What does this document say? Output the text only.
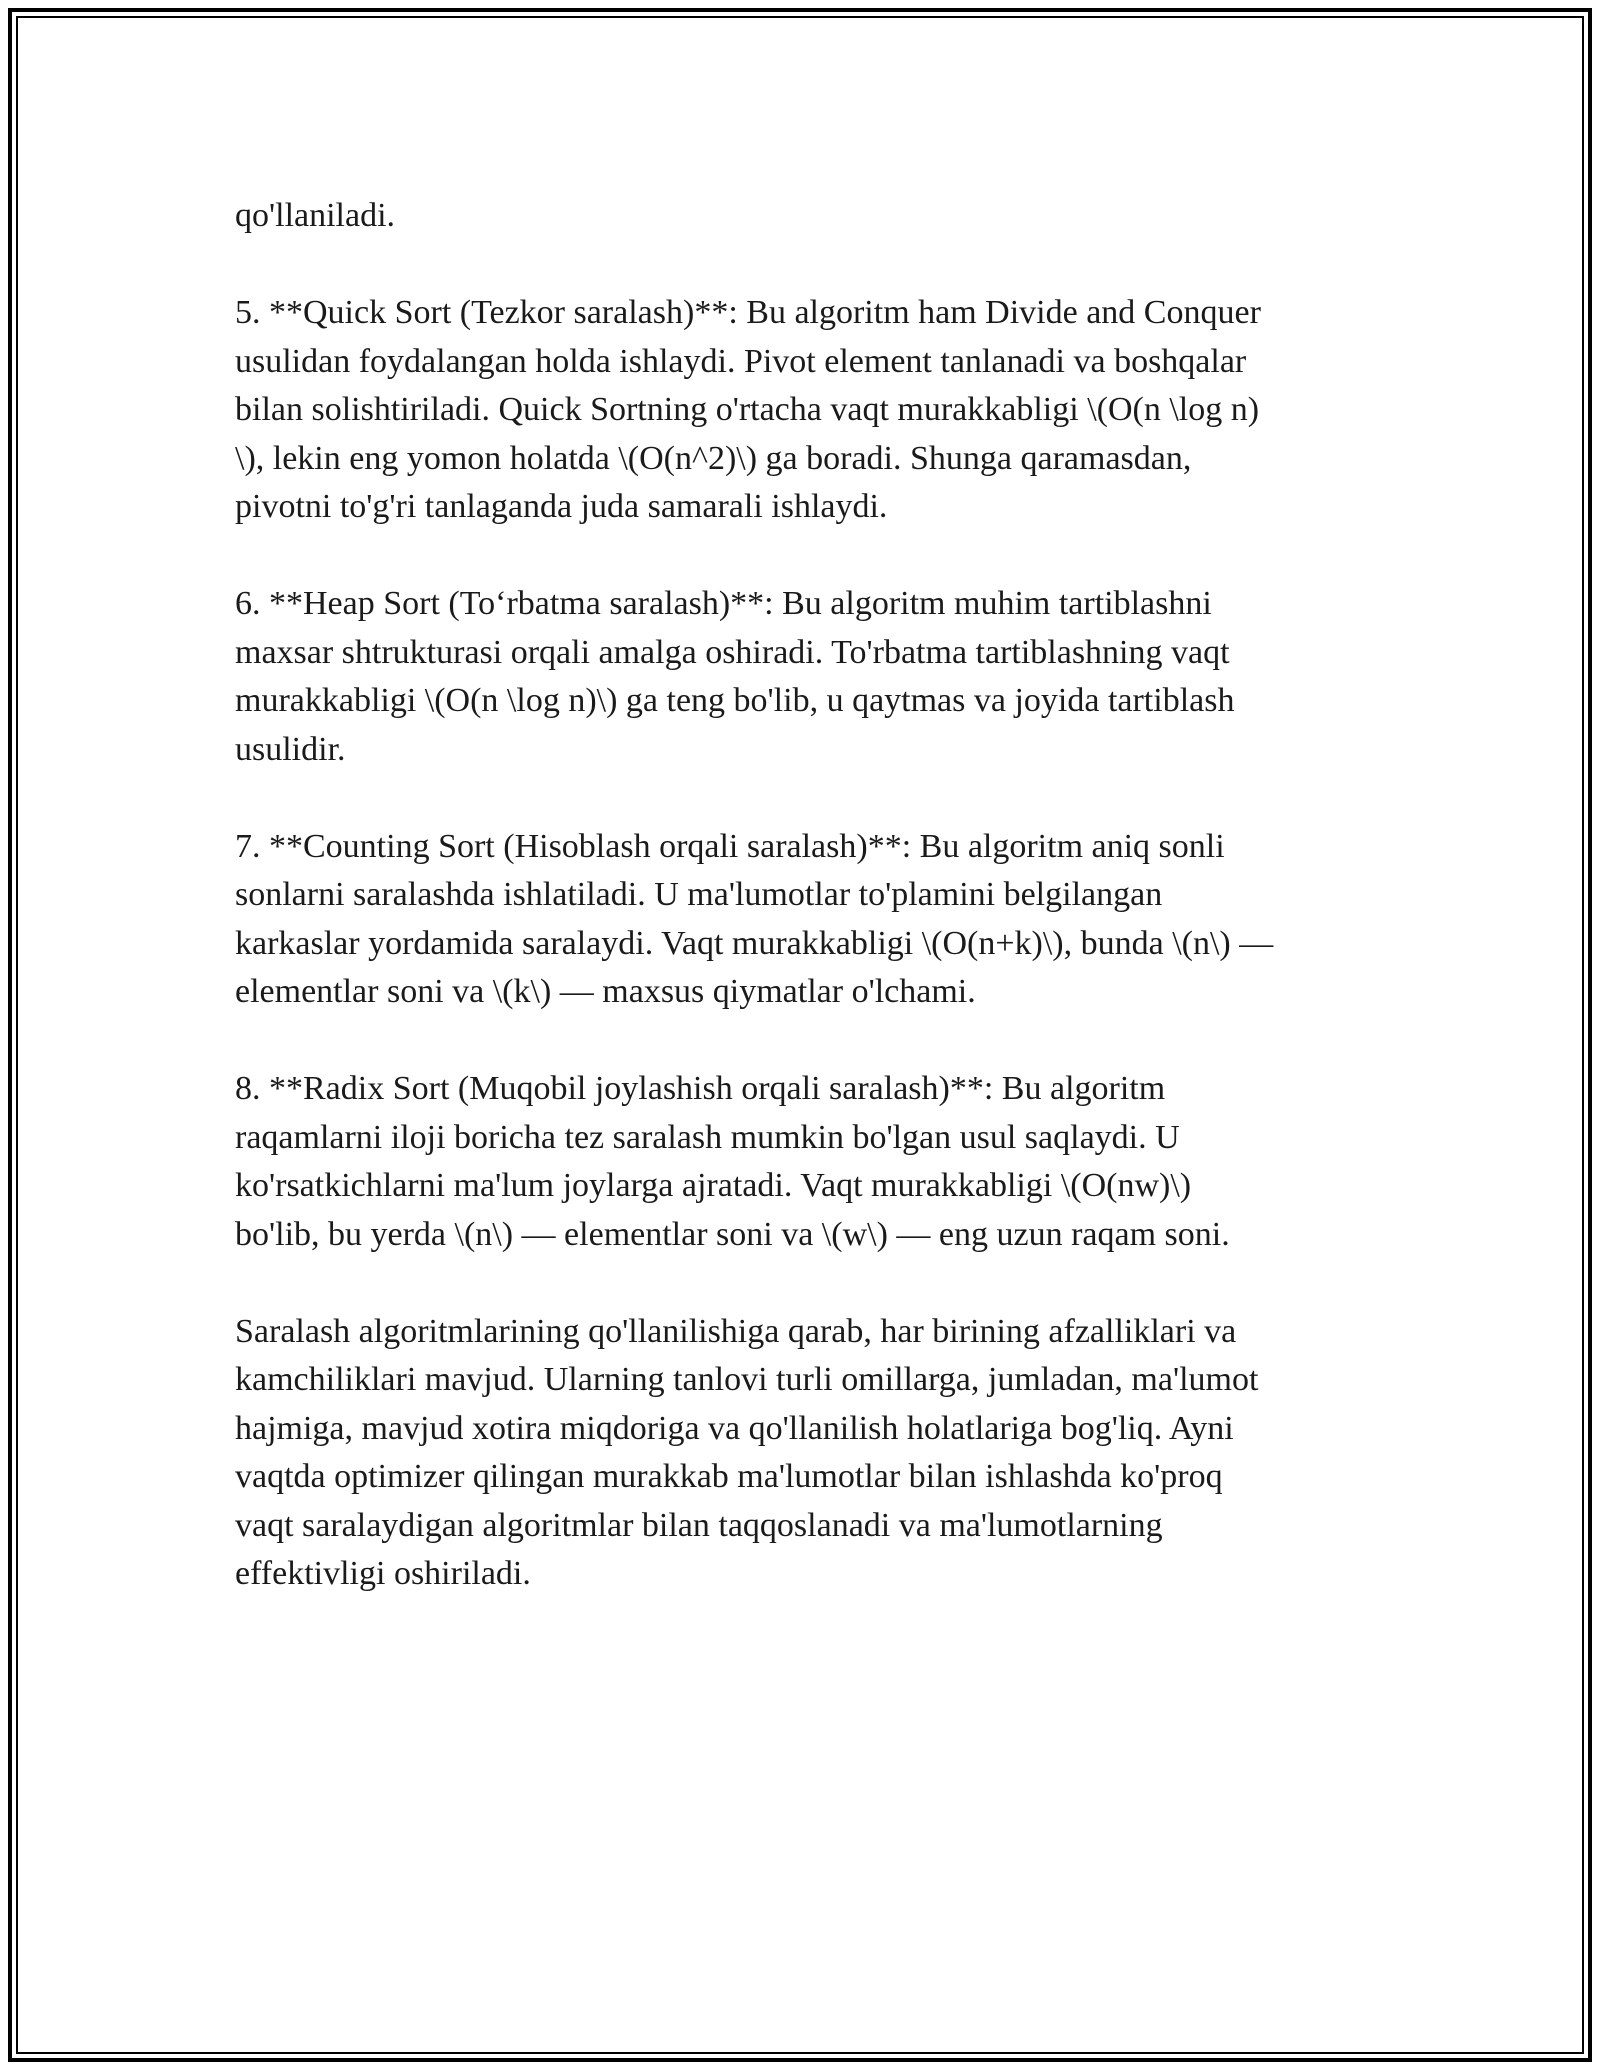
qo'llaniladi.

5. **Quick Sort (Tezkor saralash)**: Bu algoritm ham Divide and Conquer
usulidan foydalangan holda ishlaydi. Pivot element tanlanadi va boshqalar
bilan solishtiriladi. Quick Sortning o'rtacha vaqt murakkabligi \(O(n \log n)
\), lekin eng yomon holatda \(O(n^2)\) ga boradi. Shunga qaramasdan,
pivotni to'g'ri tanlaganda juda samarali ishlaydi.

6. **Heap Sort (To‘rbatma saralash)**: Bu algoritm muhim tartiblashni
maxsar shtrukturasi orqali amalga oshiradi. To'rbatma tartiblashning vaqt
murakkabligi \(O(n \log n)\) ga teng bo'lib, u qaytmas va joyida tartiblash
usulidir.

7. **Counting Sort (Hisoblash orqali saralash)**: Bu algoritm aniq sonli
sonlarni saralashda ishlatiladi. U ma'lumotlar to'plamini belgilangan
karkaslar yordamida saralaydi. Vaqt murakkabligi \(O(n+k)\), bunda \(n\) —
elementlar soni va \(k\) — maxsus qiymatlar o'lchami.

8. **Radix Sort (Muqobil joylashish orqali saralash)**: Bu algoritm
raqamlarni iloji boricha tez saralash mumkin bo'lgan usul saqlaydi. U
ko'rsatkichlarni ma'lum joylarga ajratadi. Vaqt murakkabligi \(O(nw)\)
bo'lib, bu yerda \(n\) — elementlar soni va \(w\) — eng uzun raqam soni.

Saralash algoritmlarining qo'llanilishiga qarab, har birining afzalliklari va
kamchiliklari mavjud. Ularning tanlovi turli omillarga, jumladan, ma'lumot
hajmiga, mavjud xotira miqdoriga va qo'llanilish holatlariga bog'liq. Ayni
vaqtda optimizer qilingan murakkab ma'lumotlar bilan ishlashda ko'proq
vaqt saralaydigan algoritmlar bilan taqqoslanadi va ma'lumotlarning
effektivligi oshiriladi.
